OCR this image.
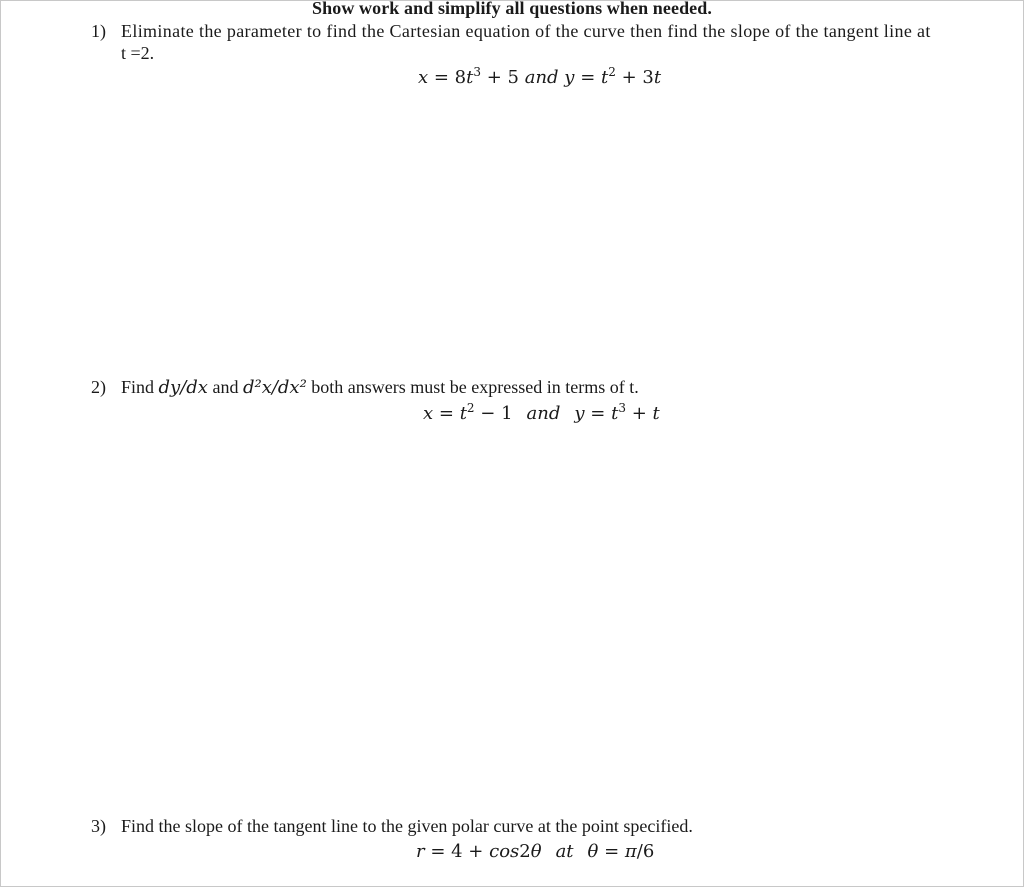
Show work and simplify all questions when needed.
1) Eliminate the parameter to find the Cartesian equation of the curve then find the slope of the tangent line at
t =2.
$x = 8t^3 + 5$ and $y = t^2 + 3t$
2) Find dy/dx and d²x/dx² both answers must be expressed in terms of t.
$x = t^2 - 1$ and $y = t^3 + t$
3) Find the slope of the tangent line to the given polar curve at the point specified.
r = 4 + cos2θ at θ = π/6
